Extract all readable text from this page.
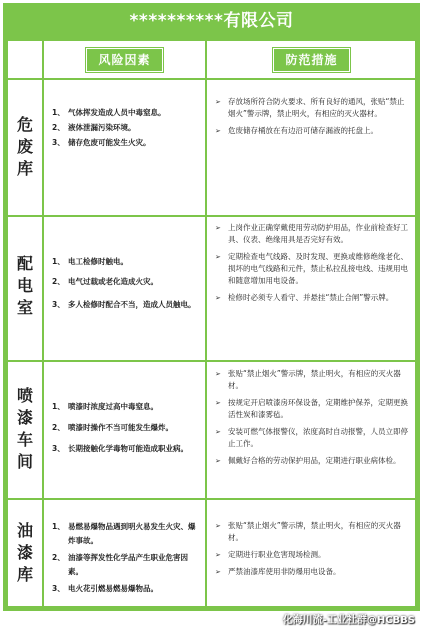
**********有限公司
风险因素	防范措施
危
废
库
1、 气体挥发造成人员中毒窒息。
2、 液体泄漏污染环境。
3、 储存危废可能发生火灾。
➢ 存放场所符合防火要求、所有良好的通风，张贴“禁止烟火”警示牌，禁止明火，有相应的灭火器材。
➢ 危废储存桶放在有边沿可储存漏液的托盘上。
配
电
室
1、 电工检修时触电。
2、 电气过载或老化造成火灾。
3、 多人检修时配合不当，造成人员触电。
➢ 上岗作业正确穿戴使用劳动防护用品，作业前检查好工具、仪表、绝缘用具是否完好有效。
➢ 定期检查电气线路、及时发现、更换或维修绝缘老化、损坏的电气线路和元件，禁止私拉乱接电线、违规用电和随意增加用电设备。
➢ 检修时必须专人看守、并悬挂“禁止合闸”警示牌。
喷
漆
车
间
1、 喷漆时浓度过高中毒窒息。
2、 喷漆时操作不当可能发生爆炸。
3、 长期接触化学毒物可能造成职业病。
➢ 张贴“禁止烟火”警示牌，禁止明火，有相应的灭火器材。
➢ 按规定开启喷漆房环保设备，定期维护保养，定期更换活性炭和漆雾毡。
➢ 安装可燃气体报警仪，浓度高时自动报警，人员立即停止工作。
➢ 佩戴好合格的劳动保护用品，定期进行职业病体检。
油
漆
库
1、 易燃易爆物品遇到明火易发生火灾、爆炸事故。
2、 油漆等挥发性化学品产生职业危害因素。
3、 电火花引燃易燃易爆物品。
➢ 张贴“禁止烟火”警示牌，禁止明火，有相应的灭火器材。
➢ 定期进行职业危害现场检测。
➢ 严禁油漆库使用非防爆用电设备。
化海川流-工业社群@HCBBS
